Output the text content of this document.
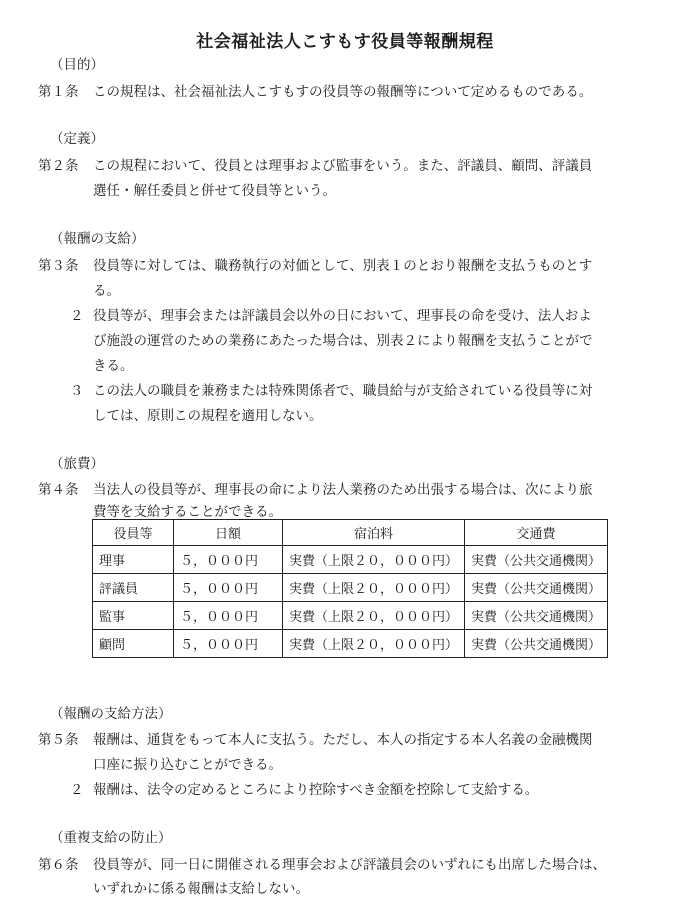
社会福祉法人こすもす役員等報酬規程
（目的）
第１条 この規程は、社会福祉法人こすもすの役員等の報酬等について定めるものである。
（定義）
第２条 この規程において、役員とは理事および監事をいう。また、評議員、顧問、評議員
選任・解任委員と併せて役員等という。
（報酬の支給）
第３条 役員等に対しては、職務執行の対価として、別表１のとおり報酬を支払うものとす
る。
２ 役員等が、理事会または評議員会以外の日において、理事長の命を受け、法人およ
び施設の運営のための業務にあたった場合は、別表２により報酬を支払うことがで
きる。
３ この法人の職員を兼務または特殊関係者で、職員給与が支給されている役員等に対
しては、原則この規程を適用しない。
（旅費）
第４条 当法人の役員等が、理事長の命により法人業務のため出張する場合は、次により旅
費等を支給することができる。
役員等	日額	宿泊料	交通費
理事	５，０００円	実費（上限２０，０００円）	実費（公共交通機関）
評議員	５，０００円	実費（上限２０，０００円）	実費（公共交通機関）
監事	５，０００円	実費（上限２０，０００円）	実費（公共交通機関）
顧問	５，０００円	実費（上限２０，０００円）	実費（公共交通機関）
（報酬の支給方法）
第５条 報酬は、通貨をもって本人に支払う。ただし、本人の指定する本人名義の金融機関
口座に振り込むことができる。
２ 報酬は、法令の定めるところにより控除すべき金額を控除して支給する。
（重複支給の防止）
第６条 役員等が、同一日に開催される理事会および評議員会のいずれにも出席した場合は、
いずれかに係る報酬は支給しない。
